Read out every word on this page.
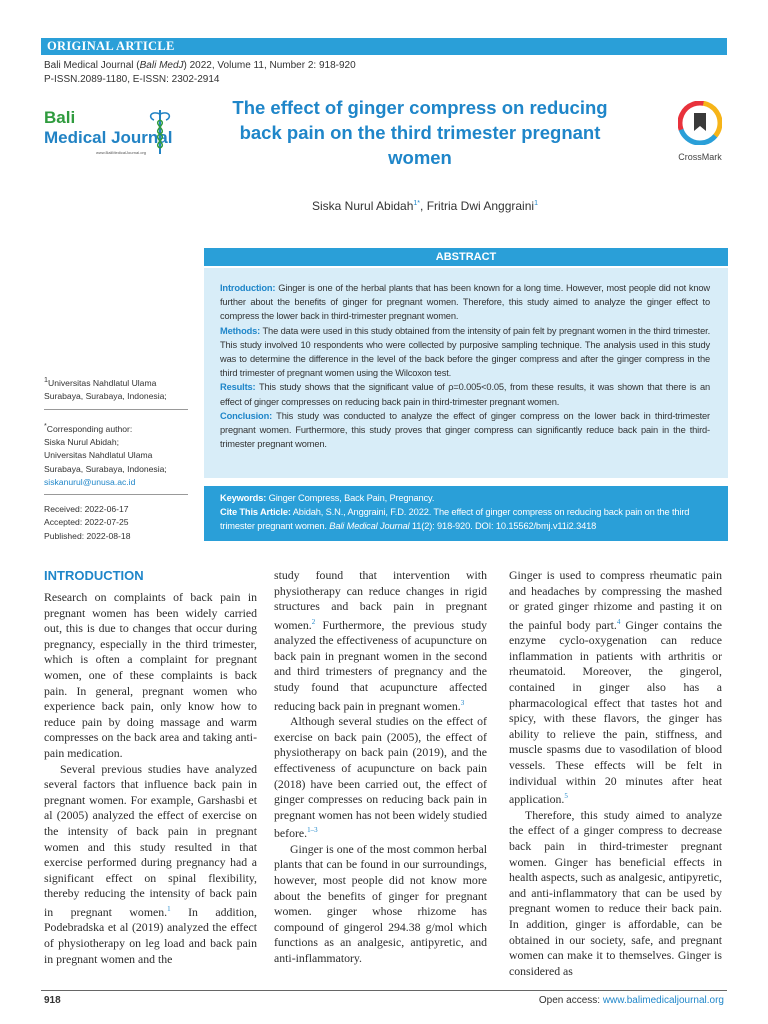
ORIGINAL ARTICLE
Bali Medical Journal (Bali MedJ) 2022, Volume 11, Number 2: 918-920
P-ISSN.2089-1180, E-ISSN: 2302-2914
Bali
Medical Journal
www.BaliMedicalJournal.org
The effect of ginger compress on reducing back pain on the third trimester pregnant women	CrossMark
Siska Nurul Abidah$^{1*}$, Fritria Dwi Anggraini$^1$
ABSTRACT

Introduction: Ginger is one of the herbal plants that has been known for a long time. However, most people did not know further about the benefits of ginger for pregnant women. Therefore, this study aimed to analyze the ginger effect to compress the lower back in third-trimester pregnant women.

Methods: The data were used in this study obtained from the intensity of pain felt by pregnant women in the third trimester. This study involved 10 respondents who were collected by purposive sampling technique. The analysis used in this study was to determine the difference in the level of the back before the ginger compress and after the ginger compress in the third trimester of pregnant women using the Wilcoxon test.

Results: This study shows that the significant value of ρ=0.005<0.05, from these results, it was shown that there is an effect of ginger compresses on reducing back pain in third-trimester pregnant women.

Conclusion: This study was conducted to analyze the effect of ginger compress on the lower back in third-trimester pregnant women. Furthermore, this study proves that ginger compress can significantly reduce back pain in the third-trimester pregnant women.

Keywords: Ginger Compress, Back Pain, Pregnancy.

Cite This Article: Abidah, S.N., Anggraini, F.D. 2022. The effect of ginger compress on reducing back pain on the third trimester pregnant women. Bali Medical Journal 11(2): 918-920. DOI: 10.15562/bmj.v11i2.3418

$^1$Universitas Nahdlatul Ulama Surabaya, Surabaya, Indonesia;
*Corresponding author:
Siska Nurul Abidah;
Universitas Nahdlatul Ulama Surabaya, Surabaya, Indonesia;
siskanurul@unusa.ac.id
Received: 2022-06-17
Accepted: 2022-07-25
Published: 2022-08-18
INTRODUCTION

Research on complaints of back pain in pregnant women has been widely carried out, this is due to changes that occur during pregnancy, especially in the third trimester, which is often a complaint for pregnant women, one of these complaints is back pain. In general, pregnant women who experience back pain, only know how to reduce pain by doing massage and warm compresses on the back area and taking anti-pain medication.

Several previous studies have analyzed several factors that influence back pain in pregnant women. For example, Garshasbi et al (2005) analyzed the effect of exercise on the intensity of back pain in pregnant women and this study resulted in that exercise performed during pregnancy had a significant effect on spinal flexibility, thereby reducing the intensity of back pain in pregnant women.$^1$ In addition, Podebradska et al (2019) analyzed the effect of physiotherapy on leg load and back pain in pregnant women and the

study found that intervention with physiotherapy can reduce changes in rigid structures and back pain in pregnant women.$^2$ Furthermore, the previous study analyzed the effectiveness of acupuncture on back pain in pregnant women in the second and third trimesters of pregnancy and the study found that acupuncture affected reducing back pain in pregnant women.$^3$

Although several studies on the effect of exercise on back pain (2005), the effect of physiotherapy on back pain (2019), and the effectiveness of acupuncture on back pain (2018) have been carried out, the effect of ginger compresses on reducing back pain in pregnant women has not been widely studied before.$^{1-3}$

Ginger is one of the most common herbal plants that can be found in our surroundings, however, most people did not know more about the benefits of ginger for pregnant women. ginger whose rhizome has compound of gingerol 294.38 g/mol which functions as an analgesic, antipyretic, and anti-inflammatory.

Ginger is used to compress rheumatic pain and headaches by compressing the mashed or grated ginger rhizome and pasting it on the painful body part.$^4$ Ginger contains the enzyme cyclo-oxygenation can reduce inflammation in patients with arthritis or rheumatoid. Moreover, the gingerol, contained in ginger also has a pharmacological effect that tastes hot and spicy, with these flavors, the ginger has ability to relieve the pain, stiffness, and muscle spasms due to vasodilation of blood vessels. These effects will be felt in individual within 20 minutes after heat application.$^5$

Therefore, this study aimed to analyze the effect of a ginger compress to decrease back pain in third-trimester pregnant women. Ginger has beneficial effects in health aspects, such as analgesic, antipyretic, and anti-inflammatory that can be used by pregnant women to reduce their back pain. In addition, ginger is affordable, can be obtained in our society, safe, and pregnant women can make it to themselves. Ginger is considered as

918	Open access: www.balimedicaljournal.org
